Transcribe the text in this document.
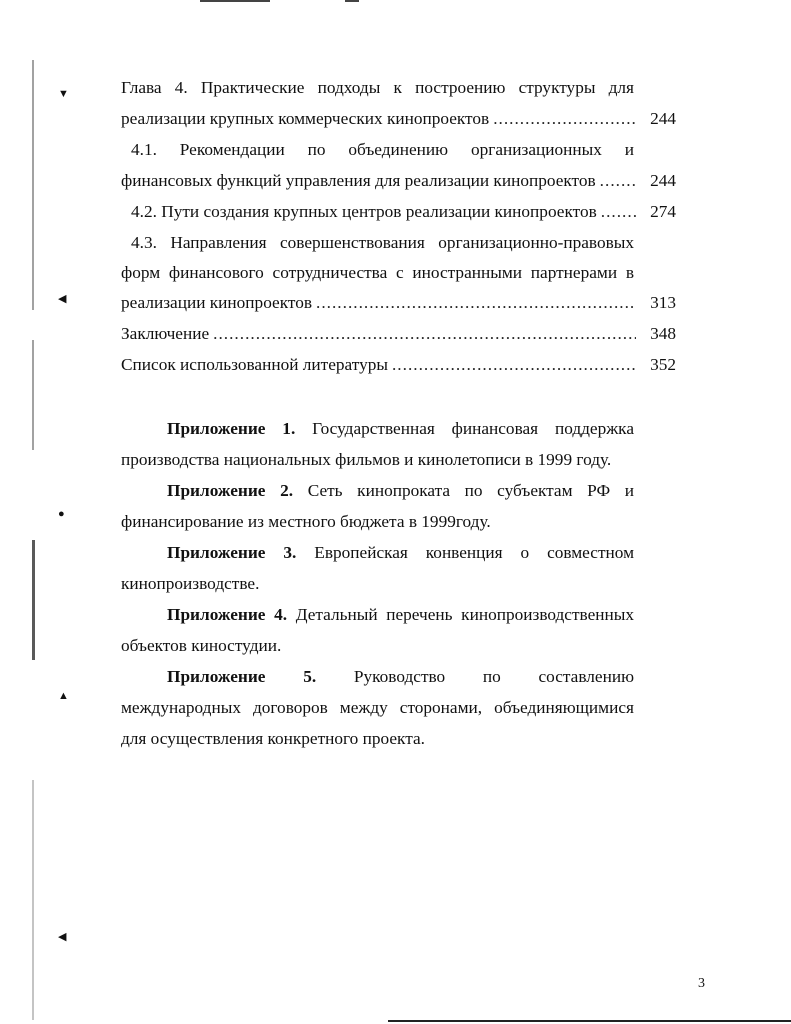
▼
◀
●
▲
◀
Глава 4. Практические подходы к построению структуры для
реализации крупных коммерческих кинопроектов .....	244
4.1. Рекомендации по объединению организационных и
финансовых функций управления для реализации кинопроектов .....	244
4.2. Пути создания крупных центров реализации кинопроектов .....	274
4.3. Направления совершенствования организационно-правовых
форм финансового сотрудничества с иностранными партнерами в
реализации кинопроектов .....	313
Заключение .....	348
Список использованной литературы .....	352
Приложение 1. Государственная финансовая поддержка
производства национальных фильмов и кинолетописи в 1999 году.
Приложение 2. Сеть кинопроката по субъектам РФ и
финансирование из местного бюджета в 1999году.
Приложение 3. Европейская конвенция о совместном
кинопроизводстве.
Приложение 4. Детальный перечень кинопроизводственных
объектов киностудии.
Приложение 5. Руководство по составлению
международных договоров между сторонами, объединяющимися
для осуществления конкретного проекта.
3
